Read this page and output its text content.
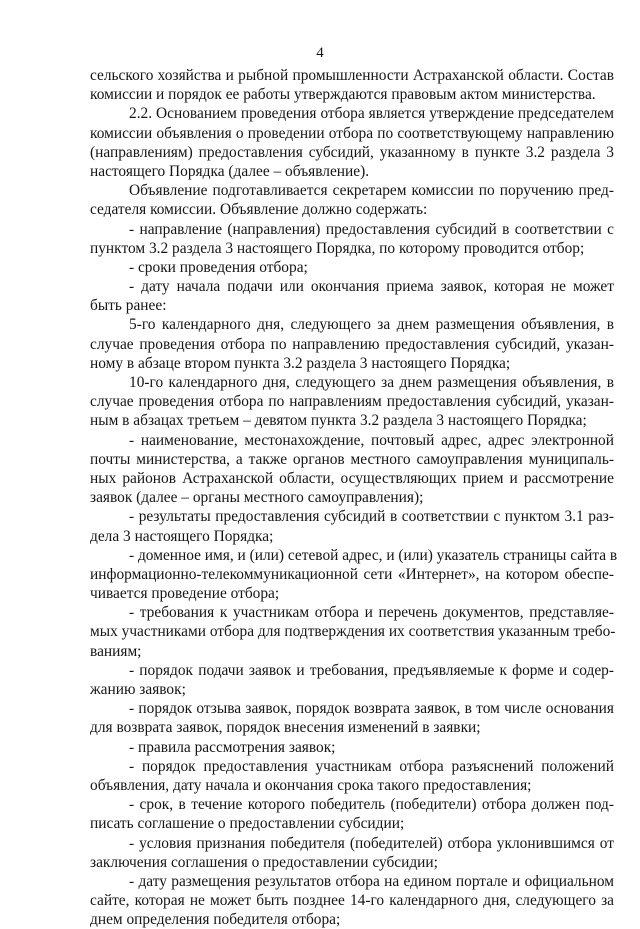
4
сельского хозяйства и рыбной промышленности Астраханской области. Состав
комиссии и порядок ее работы утверждаются правовым актом министерства.
2.2. Основанием проведения отбора является утверждение председателем
комиссии объявления о проведении отбора по соответствующему направлению
(направлениям) предоставления субсидий, указанному в пункте 3.2 раздела 3
настоящего Порядка (далее – объявление).
Объявление подготавливается секретарем комиссии по поручению пред-
седателя комиссии. Объявление должно содержать:
- направление (направления) предоставления субсидий в соответствии с
пунктом 3.2 раздела 3 настоящего Порядка, по которому проводится отбор;
- сроки проведения отбора;
- дату начала подачи или окончания приема заявок, которая не может
быть ранее:
5-го календарного дня, следующего за днем размещения объявления, в
случае проведения отбора по направлению предоставления субсидий, указан-
ному в абзаце втором пункта 3.2 раздела 3 настоящего Порядка;
10-го календарного дня, следующего за днем размещения объявления, в
случае проведения отбора по направлениям предоставления субсидий, указан-
ным в абзацах третьем – девятом пункта 3.2 раздела 3 настоящего Порядка;
- наименование, местонахождение, почтовый адрес, адрес электронной
почты министерства, а также органов местного самоуправления муниципаль-
ных районов Астраханской области, осуществляющих прием и рассмотрение
заявок (далее – органы местного самоуправления);
- результаты предоставления субсидий в соответствии с пунктом 3.1 раз-
дела 3 настоящего Порядка;
- доменное имя, и (или) сетевой адрес, и (или) указатель страницы сайта в
информационно-телекоммуникационной сети «Интернет», на котором обеспе-
чивается проведение отбора;
- требования к участникам отбора и перечень документов, представляе-
мых участниками отбора для подтверждения их соответствия указанным требо-
ваниям;
- порядок подачи заявок и требования, предъявляемые к форме и содер-
жанию заявок;
- порядок отзыва заявок, порядок возврата заявок, в том числе основания
для возврата заявок, порядок внесения изменений в заявки;
- правила рассмотрения заявок;
- порядок предоставления участникам отбора разъяснений положений
объявления, дату начала и окончания срока такого предоставления;
- срок, в течение которого победитель (победители) отбора должен под-
писать соглашение о предоставлении субсидии;
- условия признания победителя (победителей) отбора уклонившимся от
заключения соглашения о предоставлении субсидии;
- дату размещения результатов отбора на едином портале и официальном
сайте, которая не может быть позднее 14-го календарного дня, следующего за
днем определения победителя отбора;
